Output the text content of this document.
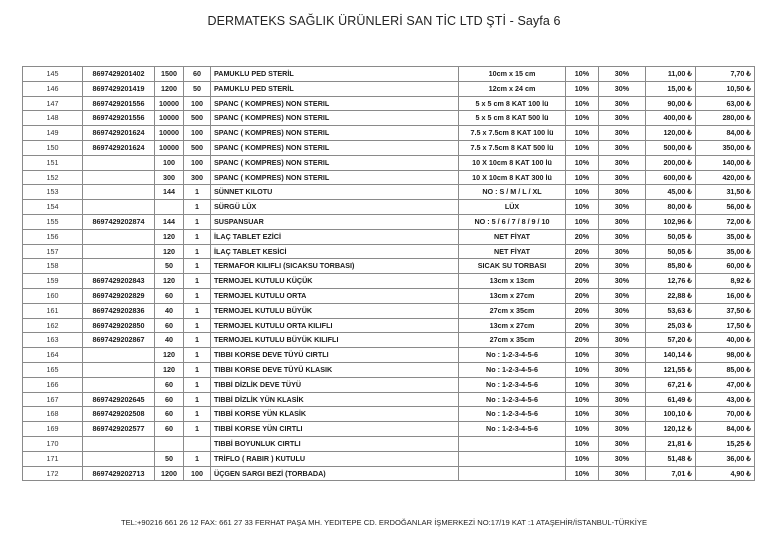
DERMATEKS SAĞLIK ÜRÜNLERİ SAN TİC LTD ŞTİ - Sayfa 6
145	8697429201402	1500	60	PAMUKLU PED STERİL	10cm x 15 cm	10%	30%	11,00 ₺	7,70 ₺
146	8697429201419	1200	50	PAMUKLU PED STERİL	12cm x 24 cm	10%	30%	15,00 ₺	10,50 ₺
147	8697429201556	10000	100	SPANC ( KOMPRES) NON STERIL	5 x 5 cm 8 KAT 100 lü	10%	30%	90,00 ₺	63,00 ₺
148	8697429201556	10000	500	SPANC ( KOMPRES) NON STERIL	5 x 5 cm 8 KAT 500 lü	10%	30%	400,00 ₺	280,00 ₺
149	8697429201624	10000	100	SPANC ( KOMPRES) NON STERIL	7.5 x 7.5cm 8 KAT 100 lü	10%	30%	120,00 ₺	84,00 ₺
150	8697429201624	10000	500	SPANC ( KOMPRES) NON STERIL	7.5 x 7.5cm 8 KAT 500 lü	10%	30%	500,00 ₺	350,00 ₺
151		100	100	SPANC ( KOMPRES) NON STERIL	10 X 10cm 8 KAT 100 lü	10%	30%	200,00 ₺	140,00 ₺
152		300	300	SPANC ( KOMPRES) NON STERIL	10 X 10cm 8 KAT 300 lü	10%	30%	600,00 ₺	420,00 ₺
153		144	1	SÜNNET KILOTU	NO : S / M / L / XL	10%	30%	45,00 ₺	31,50 ₺
154			1	SÜRGÜ LÜX	LÜX	10%	30%	80,00 ₺	56,00 ₺
155	8697429202874	144	1	SUSPANSUAR	NO : 5 / 6 / 7 / 8 / 9 / 10	10%	30%	102,96 ₺	72,00 ₺
156		120	1	İLAÇ TABLET EZİCİ	NET FİYAT	20%	30%	50,05 ₺	35,00 ₺
157		120	1	İLAÇ TABLET KESİCİ	NET FİYAT	20%	30%	50,05 ₺	35,00 ₺
158		50	1	TERMAFOR KILIFLI (SICAKSU TORBASI)	SICAK SU TORBASI	20%	30%	85,80 ₺	60,00 ₺
159	8697429202843	120	1	TERMOJEL KUTULU KÜÇÜK	13cm x 13cm	20%	30%	12,76 ₺	8,92 ₺
160	8697429202829	60	1	TERMOJEL KUTULU ORTA	13cm x 27cm	20%	30%	22,88 ₺	16,00 ₺
161	8697429202836	40	1	TERMOJEL KUTULU BÜYÜK	27cm x 35cm	20%	30%	53,63 ₺	37,50 ₺
162	8697429202850	60	1	TERMOJEL KUTULU ORTA KILIFLI	13cm x 27cm	20%	30%	25,03 ₺	17,50 ₺
163	8697429202867	40	1	TERMOJEL KUTULU BÜYÜK KILIFLI	27cm x 35cm	20%	30%	57,20 ₺	40,00 ₺
164		120	1	TIBBI KORSE DEVE TÜYÜ CIRTLI	No : 1-2-3-4-5-6	10%	30%	140,14 ₺	98,00 ₺
165		120	1	TIBBI KORSE DEVE TÜYÜ KLASIK	No : 1-2-3-4-5-6	10%	30%	121,55 ₺	85,00 ₺
166		60	1	TIBBİ DİZLİK DEVE TÜYÜ	No : 1-2-3-4-5-6	10%	30%	67,21 ₺	47,00 ₺
167	8697429202645	60	1	TIBBİ DİZLİK YÜN KLASİK	No : 1-2-3-4-5-6	10%	30%	61,49 ₺	43,00 ₺
168	8697429202508	60	1	TIBBİ KORSE YÜN KLASİK	No : 1-2-3-4-5-6	10%	30%	100,10 ₺	70,00 ₺
169	8697429202577	60	1	TIBBİ KORSE YÜN CIRTLI	No : 1-2-3-4-5-6	10%	30%	120,12 ₺	84,00 ₺
170				TIBBİ BOYUNLUK CIRTLI		10%	30%	21,81 ₺	15,25 ₺
171		50	1	TRİFLO ( RABIR ) KUTULU		10%	30%	51,48 ₺	36,00 ₺
172	8697429202713	1200	100	ÜÇGEN SARGI BEZİ (TORBADA)		10%	30%	7,01 ₺	4,90 ₺
TEL:+90216 661 26 12 FAX: 661 27 33 FERHAT PAŞA MH. YEDITEPE CD. ERDOĞANLAR İŞMERKEZİ NO:17/19 KAT :1 ATAŞEHİR/İSTANBUL-TÜRKİYE
